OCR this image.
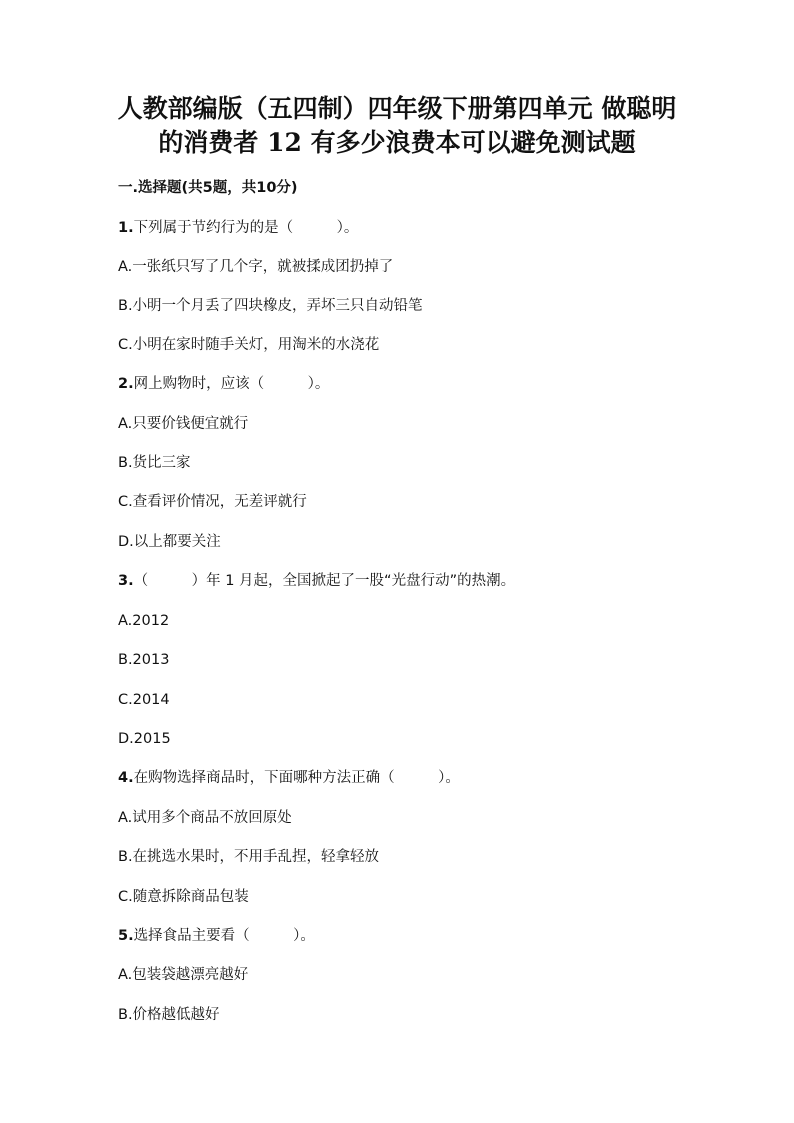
人教部编版（五四制）四年级下册第四单元 做聪明
的消费者 12 有多少浪费本可以避免测试题
一.选择题(共5题，共10分)
1.下列属于节约行为的是（　　　）。
A.一张纸只写了几个字，就被揉成团扔掉了
B.小明一个月丢了四块橡皮，弄坏三只自动铅笔
C.小明在家时随手关灯，用淘米的水浇花
2.网上购物时，应该（　　　）。
A.只要价钱便宜就行
B.货比三家
C.查看评价情况，无差评就行
D.以上都要关注
3.（　　　）年 1 月起，全国掀起了一股“光盘行动”的热潮。
A.2012
B.2013
C.2014
D.2015
4.在购物选择商品时，下面哪种方法正确（　　　）。
A.试用多个商品不放回原处
B.在挑选水果时，不用手乱捏，轻拿轻放
C.随意拆除商品包装
5.选择食品主要看（　　　）。
A.包装袋越漂亮越好
B.价格越低越好
